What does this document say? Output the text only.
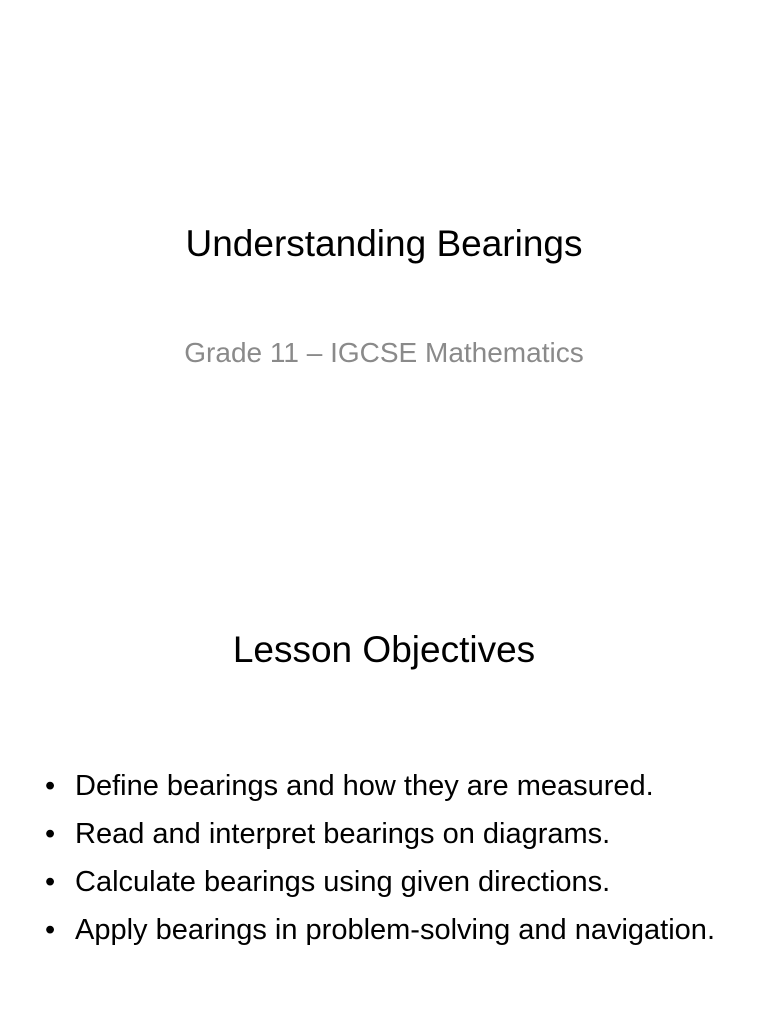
Understanding Bearings
Grade 11 – IGCSE Mathematics
Lesson Objectives
• Define bearings and how they are measured.
• Read and interpret bearings on diagrams.
• Calculate bearings using given directions.
• Apply bearings in problem-solving and navigation.
